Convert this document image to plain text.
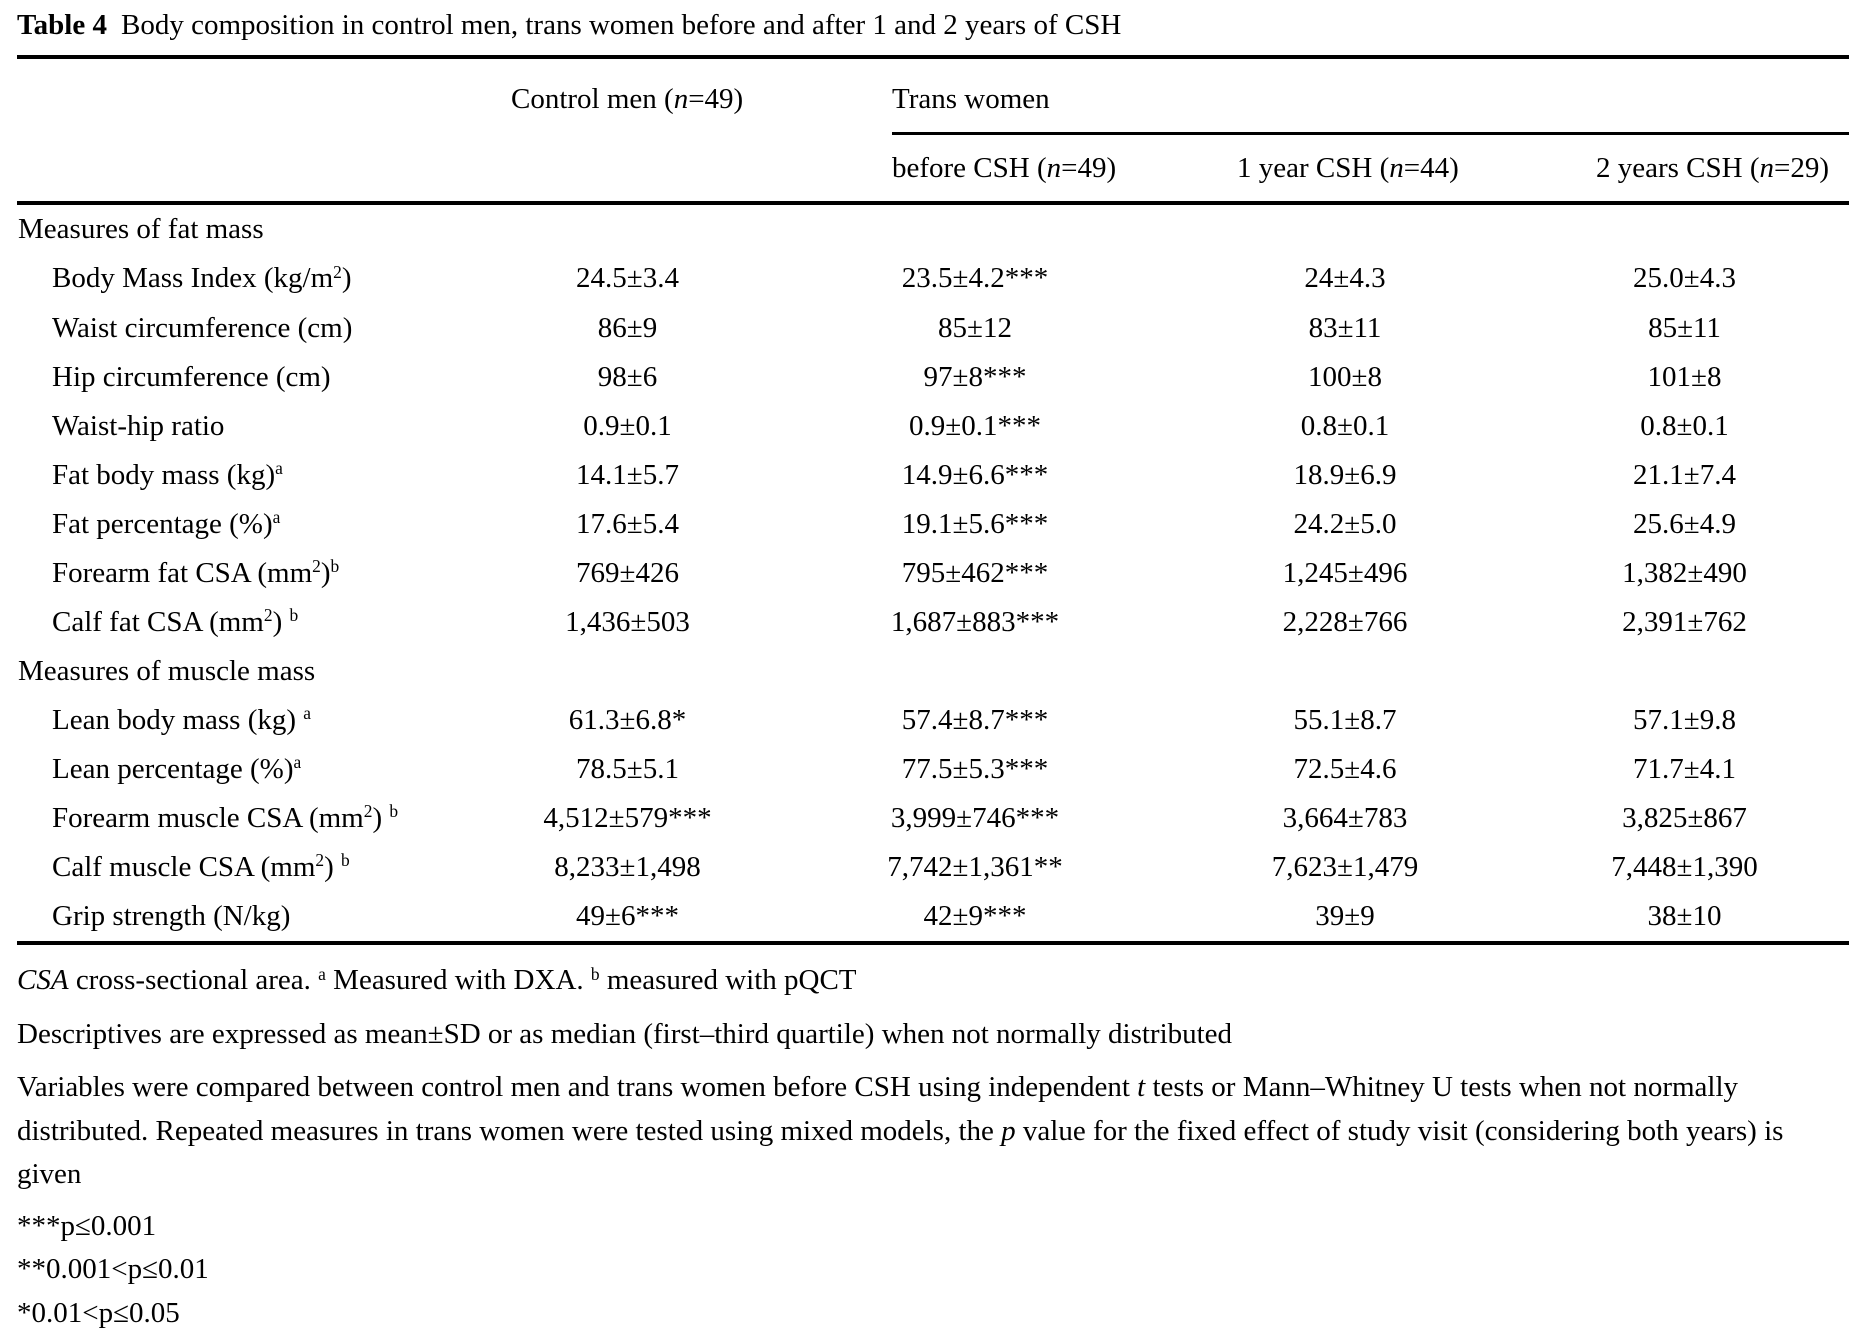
Table 4 Body composition in control men, trans women before and after 1 and 2 years of CSH
	Control men (n=49)	Trans women		

		before CSH (n=49)	1 year CSH (n=44)	2 years CSH (n=29)
Measures of fat mass				
Body Mass Index $(kg/m^2)$	24.5±3.4	23.5±4.2***	24±4.3	25.0±4.3
Waist circumference (cm)	86±9	85±12	83±11	85±11
Hip circumference (cm)	98±6	97±8***	100±8	101±8
Waist-hip ratio	0.9±0.1	0.9±0.1***	0.8±0.1	0.8±0.1
Fat body mass (kg)$^a$	14.1±5.7	14.9±6.6***	18.9±6.9	21.1±7.4
Fat percentage (%)$^a$	17.6±5.4	19.1±5.6***	24.2±5.0	25.6±4.9
Forearm fat CSA $(mm^2)^b$	769±426	795±462***	1,245±496	1,382±490
Calf fat CSA $(mm^2)$ $^b$	1,436±503	1,687±883***	2,228±766	2,391±762
Measures of muscle mass				
Lean body mass (kg) $^a$	61.3±6.8*	57.4±8.7***	55.1±8.7	57.1±9.8
Lean percentage (%)$^a$	78.5±5.1	77.5±5.3***	72.5±4.6	71.7±4.1
Forearm muscle CSA $(mm^2)$ $^b$	4,512±579***	3,999±746***	3,664±783	3,825±867
Calf muscle CSA $(mm^2)$ $^b$	8,233±1,498	7,742±1,361**	7,623±1,479	7,448±1,390
Grip strength (N/kg)	49±6***	42±9***	39±9	38±10
CSA cross-sectional area. $^a$ Measured with DXA. $^b$ measured with pQCT
Descriptives are expressed as mean±SD or as median (first–third quartile) when not normally distributed
Variables were compared between control men and trans women before CSH using independent t tests or Mann–Whitney U tests when not normally distributed. Repeated measures in trans women were tested using mixed models, the p value for the fixed effect of study visit (considering both years) is given
***p≤0.001
**0.001<p≤0.01
*0.01<p≤0.05
